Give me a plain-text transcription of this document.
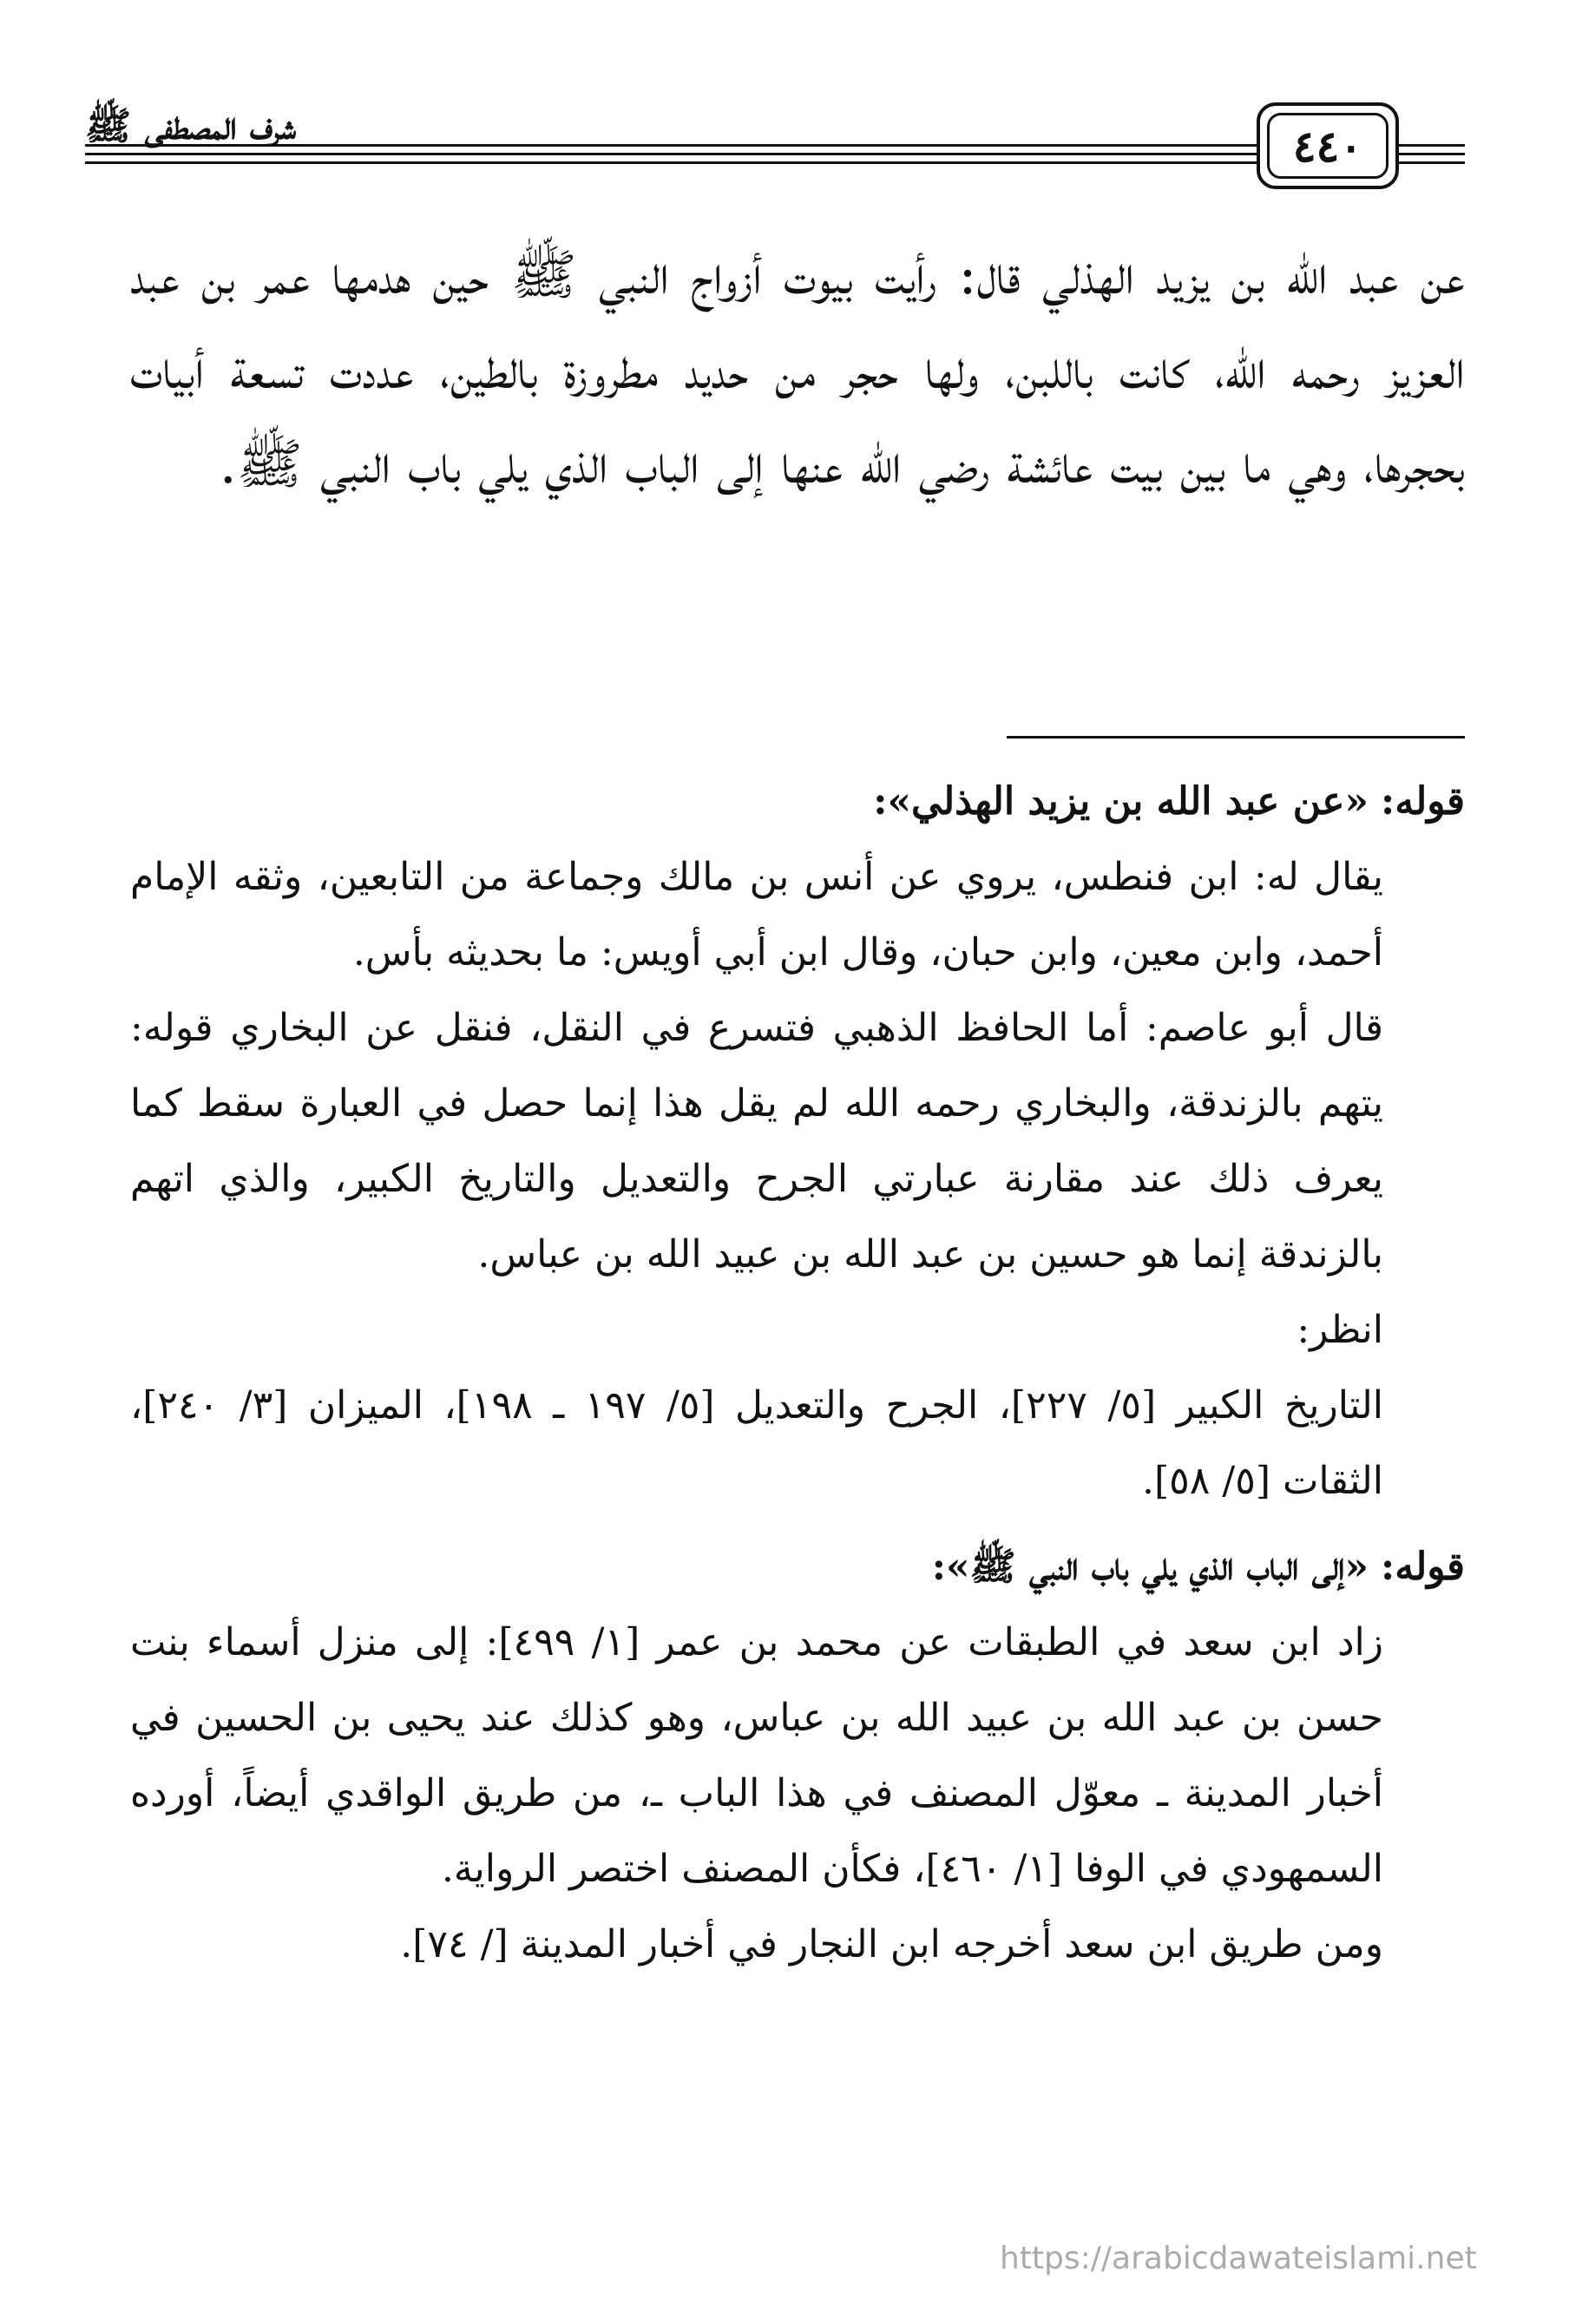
شرف المصطفى ﷺ	٤٤٠

عن عبد الله بن يزيد الهذلي قال: رأيت بيوت أزواج النبي ﷺ حين هدمها عمر بن عبد العزيز رحمه الله، كانت باللبن، ولها حجر من حديد مطروزة بالطين، عددت تسعة أبيات بحجرها، وهي ما بين بيت عائشة رضي الله عنها إلى الباب الذي يلي باب النبي ﷺ.

قوله: «عن عبد الله بن يزيد الهذلي»:

يقال له: ابن فنطس، يروي عن أنس بن مالك وجماعة من التابعين، وثقه الإمام أحمد، وابن معين، وابن حبان، وقال ابن أبي أويس: ما بحديثه بأس.

قال أبو عاصم: أما الحافظ الذهبي فتسرع في النقل، فنقل عن البخاري قوله: يتهم بالزندقة، والبخاري رحمه الله لم يقل هذا إنما حصل في العبارة سقط كما يعرف ذلك عند مقارنة عبارتي الجرح والتعديل والتاريخ الكبير، والذي اتهم بالزندقة إنما هو حسين بن عبد الله بن عبيد الله بن عباس.

انظر:

التاريخ الكبير [٥/ ٢٢٧]، الجرح والتعديل [٥/ ١٩٧ ـ ١٩٨]، الميزان [٣/ ٢٤٠]، الثقات [٥/ ٥٨].

قوله: «إلى الباب الذي يلي باب النبي ﷺ»:

زاد ابن سعد في الطبقات عن محمد بن عمر [١/ ٤٩٩]: إلى منزل أسماء بنت حسن بن عبد الله بن عبيد الله بن عباس، وهو كذلك عند يحيى بن الحسين في أخبار المدينة ـ معوّل المصنف في هذا الباب ـ، من طريق الواقدي أيضاً، أورده السمهودي في الوفا [١/ ٤٦٠]، فكأن المصنف اختصر الرواية.

ومن طريق ابن سعد أخرجه ابن النجار في أخبار المدينة [/ ٧٤].

https://arabicdawateislami.net
